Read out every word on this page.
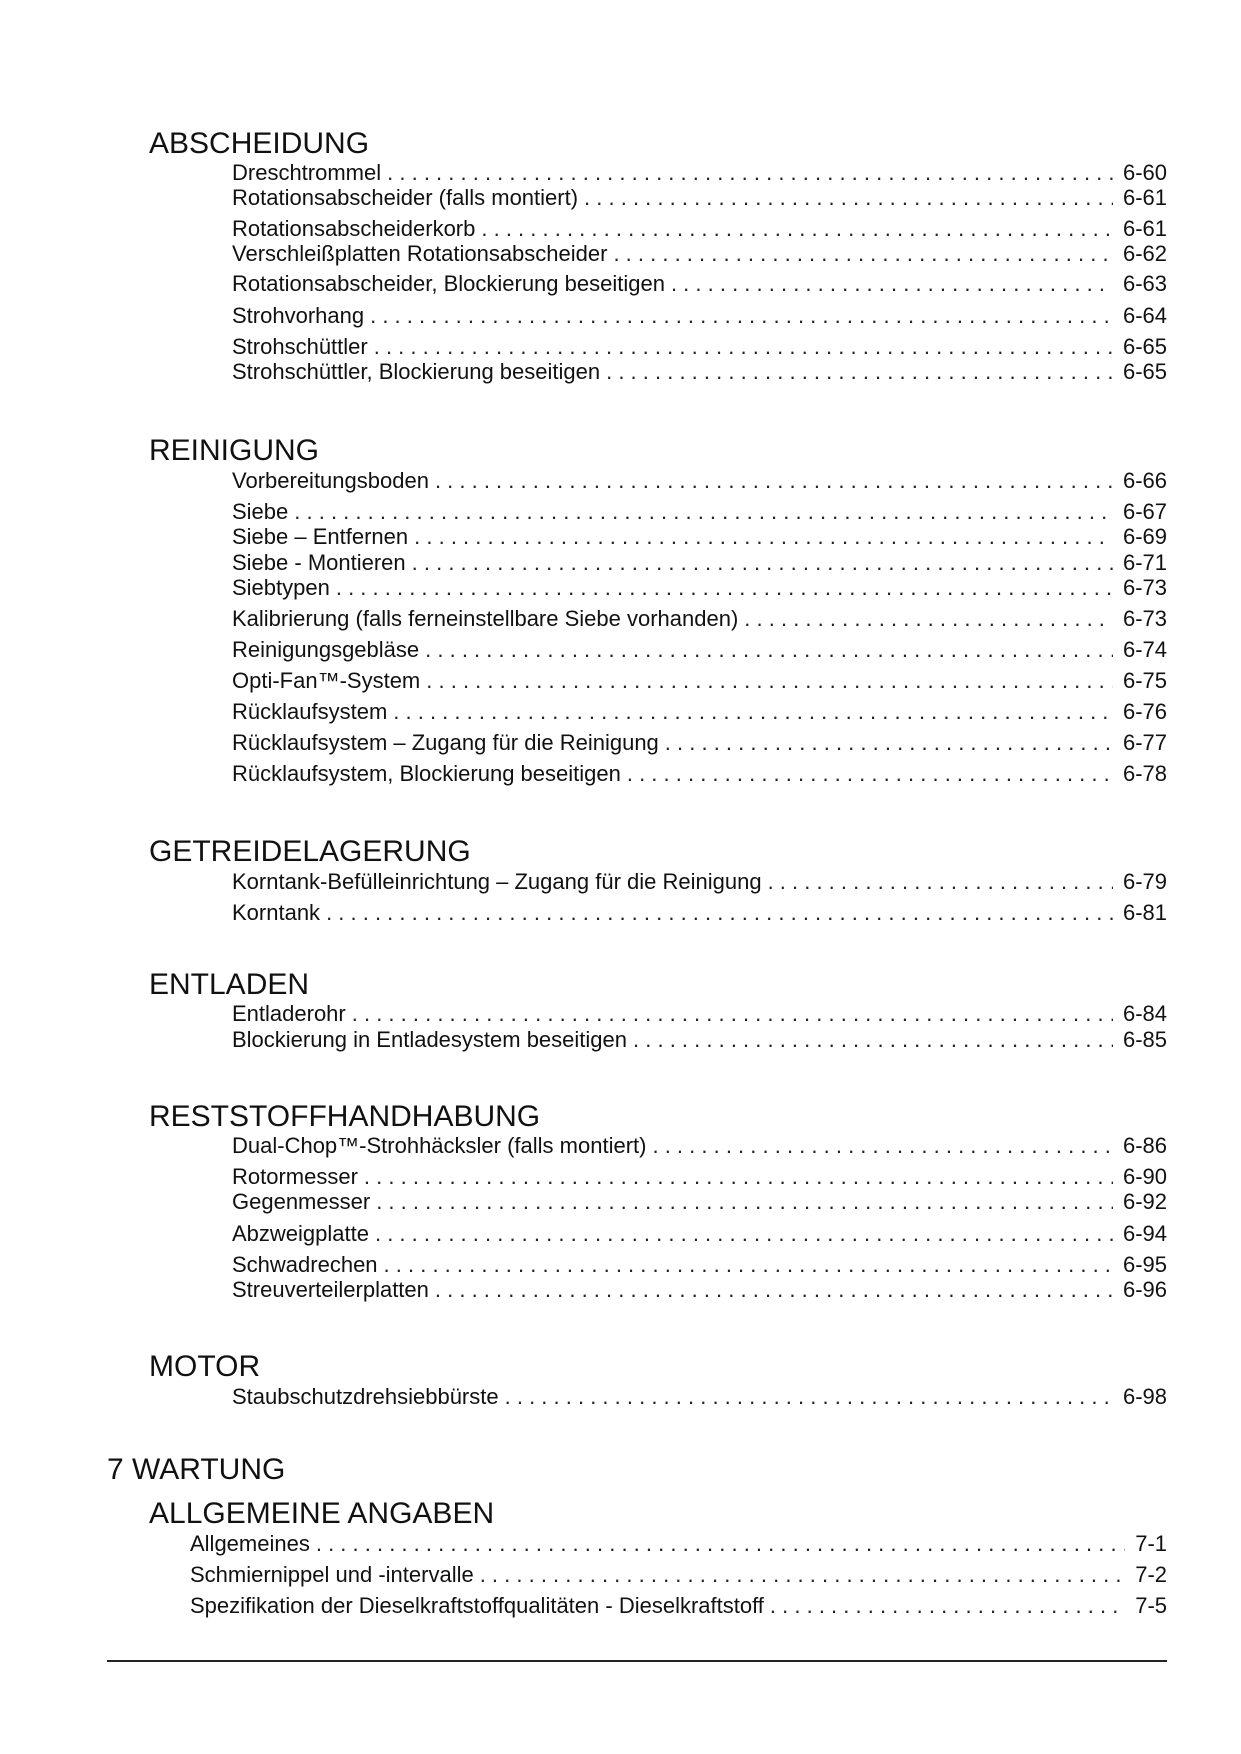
ABSCHEIDUNG
Dreschtrommel . . .	6-60
Rotationsabscheider (falls montiert) . . .	6-61
Rotationsabscheiderkorb . . .	6-61
Verschleißplatten Rotationsabscheider . . .	6-62
Rotationsabscheider, Blockierung beseitigen . . .	6-63
Strohvorhang . . .	6-64
Strohschüttler . . .	6-65
Strohschüttler, Blockierung beseitigen . . .	6-65
REINIGUNG
Vorbereitungsboden . . .	6-66
Siebe . . .	6-67
Siebe – Entfernen . . .	6-69
Siebe - Montieren . . .	6-71
Siebtypen . . .	6-73
Kalibrierung (falls ferneinstellbare Siebe vorhanden) . . .	6-73
Reinigungsgebläse . . .	6-74
Opti-Fan™-System . . .	6-75
Rücklaufsystem . . .	6-76
Rücklaufsystem – Zugang für die Reinigung . . .	6-77
Rücklaufsystem, Blockierung beseitigen . . .	6-78
GETREIDELAGERUNG
Korntank-Befülleinrichtung – Zugang für die Reinigung . . .	6-79
Korntank . . .	6-81
ENTLADEN
Entladerohr . . .	6-84
Blockierung in Entladesystem beseitigen . . .	6-85
RESTSTOFFHANDHABUNG
Dual-Chop™-Strohhäcksler (falls montiert) . . .	6-86
Rotormesser . . .	6-90
Gegenmesser . . .	6-92
Abzweigplatte . . .	6-94
Schwadrechen . . .	6-95
Streuverteilerplatten . . .	6-96
MOTOR
Staubschutzdrehsiebbürste . . .	6-98
7 WARTUNG
ALLGEMEINE ANGABEN
Allgemeines . . .	7-1
Schmiernippel und -intervalle . . .	7-2
Spezifikation der Dieselkraftstoffqualitäten - Dieselkraftstoff . . .	7-5
